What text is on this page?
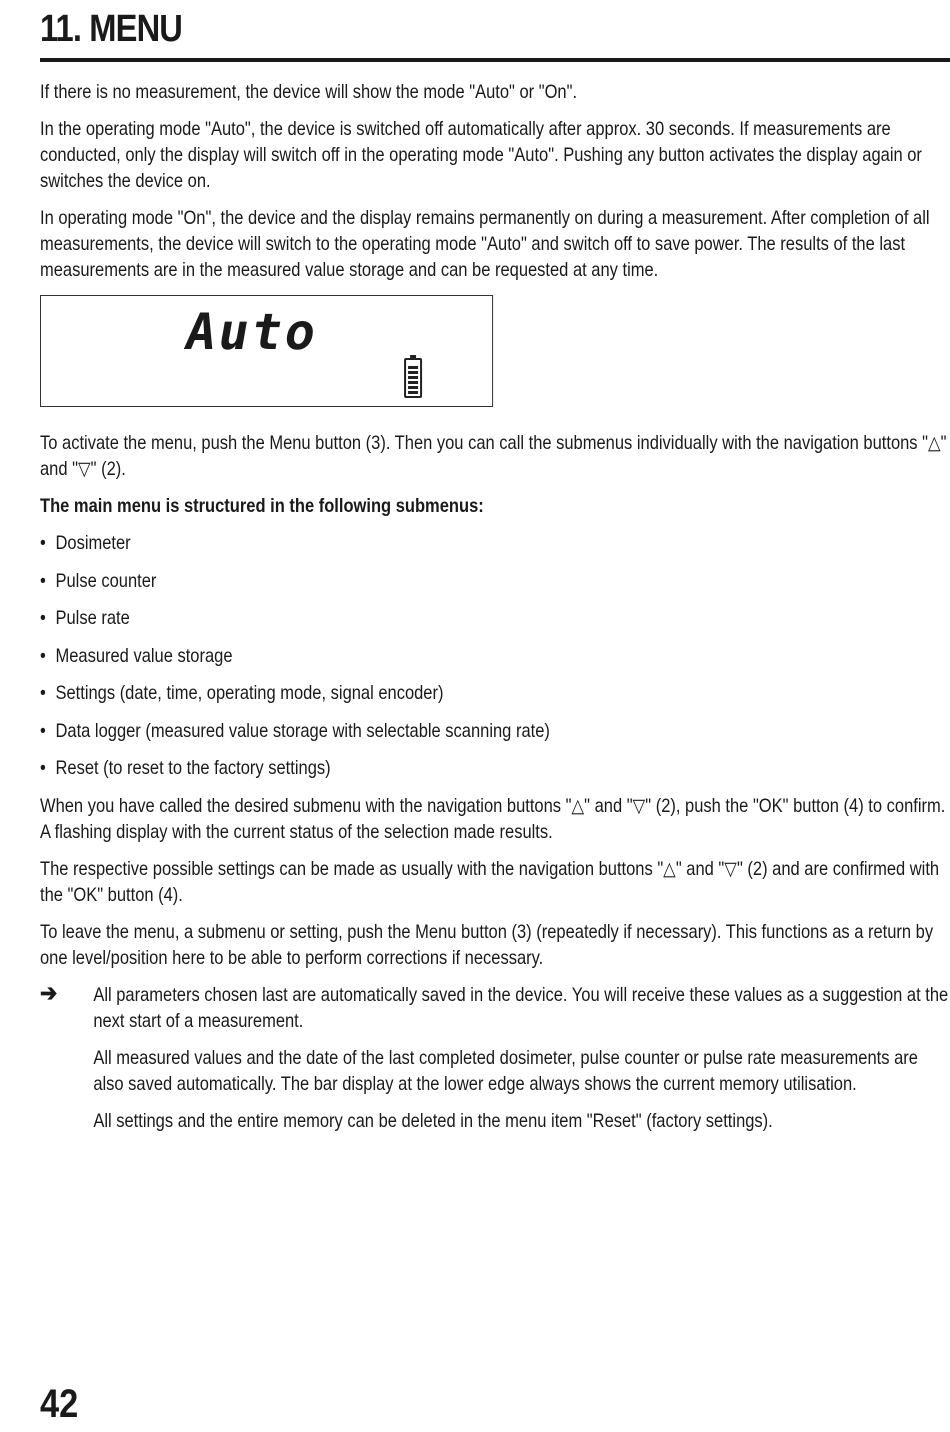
11. MENU

If there is no measurement, the device will show the mode "Auto" or "On".

In the operating mode "Auto", the device is switched off automatically after approx. 30 seconds. If measurements are conducted, only the display will switch off in the operating mode "Auto". Pushing any button activates the display again or switches the device on.

In operating mode "On", the device and the display remains permanently on during a measurement. After completion of all measurements, the device will switch to the operating mode "Auto" and switch off to save power. The results of the last measurements are in the measured value storage and can be requested at any time.

Auto

To activate the menu, push the Menu button (3). Then you can call the submenus individually with the navigation buttons "△" and "▽" (2).

The main menu is structured in the following submenus:

• Dosimeter
• Pulse counter
• Pulse rate
• Measured value storage
• Settings (date, time, operating mode, signal encoder)
• Data logger (measured value storage with selectable scanning rate)
• Reset (to reset to the factory settings)

When you have called the desired submenu with the navigation buttons "△" and "▽" (2), push the "OK" button (4) to confirm. A flashing display with the current status of the selection made results.

The respective possible settings can be made as usually with the navigation buttons "△" and "▽" (2) and are confirmed with the "OK" button (4).

To leave the menu, a submenu or setting, push the Menu button (3) (repeatedly if necessary). This functions as a return by one level/position here to be able to perform corrections if necessary.

➔ All parameters chosen last are automatically saved in the device. You will receive these values as a suggestion at the next start of a measurement.

All measured values and the date of the last completed dosimeter, pulse counter or pulse rate measurements are also saved automatically. The bar display at the lower edge always shows the current memory utilisation.

All settings and the entire memory can be deleted in the menu item "Reset" (factory settings).

42
